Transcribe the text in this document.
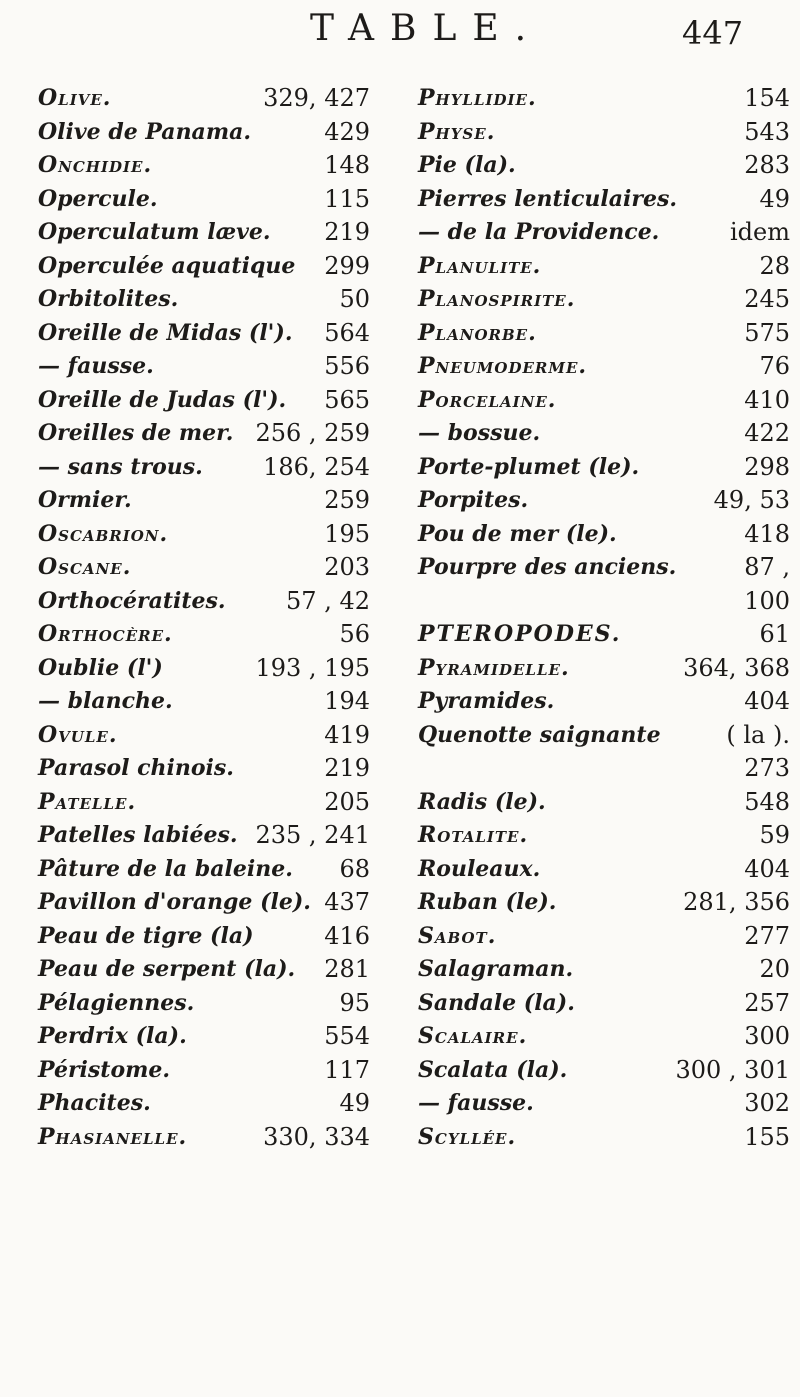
TABLE.	447
Olive.	329, 427
Olive de Panama.	429
Onchidie.	148
Opercule.	115
Operculatum læve. 219
Operculée aquatique 299
Orbitolites.	50
Oreille de Midas (l'). 564
— fausse.	556
Oreille de Judas (l'). 565
Oreilles de mer. 256 , 259
— sans trous.	186, 254
Ormier.	259
Oscabrion.	195
Oscane.	203
Orthocératites.	57 , 42
Orthocère.	56
Oublie (l')	193 , 195
— blanche.	194
Ovule.	419
Parasol chinois.	219
Patelle.	205
Patelles labiées. 235 , 241
Pâture de la baleine. 68
Pavillon d'orange (le). 437
Peau de tigre (la)	416
Peau de serpent (la). 281
Pélagiennes.	95
Perdrix (la).	554
Péristome.	117
Phacites.	49
Phasianelle.	330, 334
Phyllidie.	154
Physe.	543
Pie (la).	283
Pierres lenticulaires.	49
— de la Providence.	idem
Planulite.	28
Planospirite.	245
Planorbe.	575
Pneumoderme.	76
Porcelaine.	410
— bossue.	422
Porte-plumet (le).	298
Porpites.	49, 53
Pou de mer (le).	418
Pourpre des anciens.	87 ,
100
PTEROPODES.	61
Pyramidelle.	364, 368
Pyramides.	404
Quenotte saignante	( la ).
273
Radis (le).	548
Rotalite.	59
Rouleaux.	404
Ruban (le).	281, 356
Sabot.	277
Salagraman.	20
Sandale (la).	257
Scalaire.	300
Scalata (la).	300 , 301
— fausse.	302
Scyllée.	155
